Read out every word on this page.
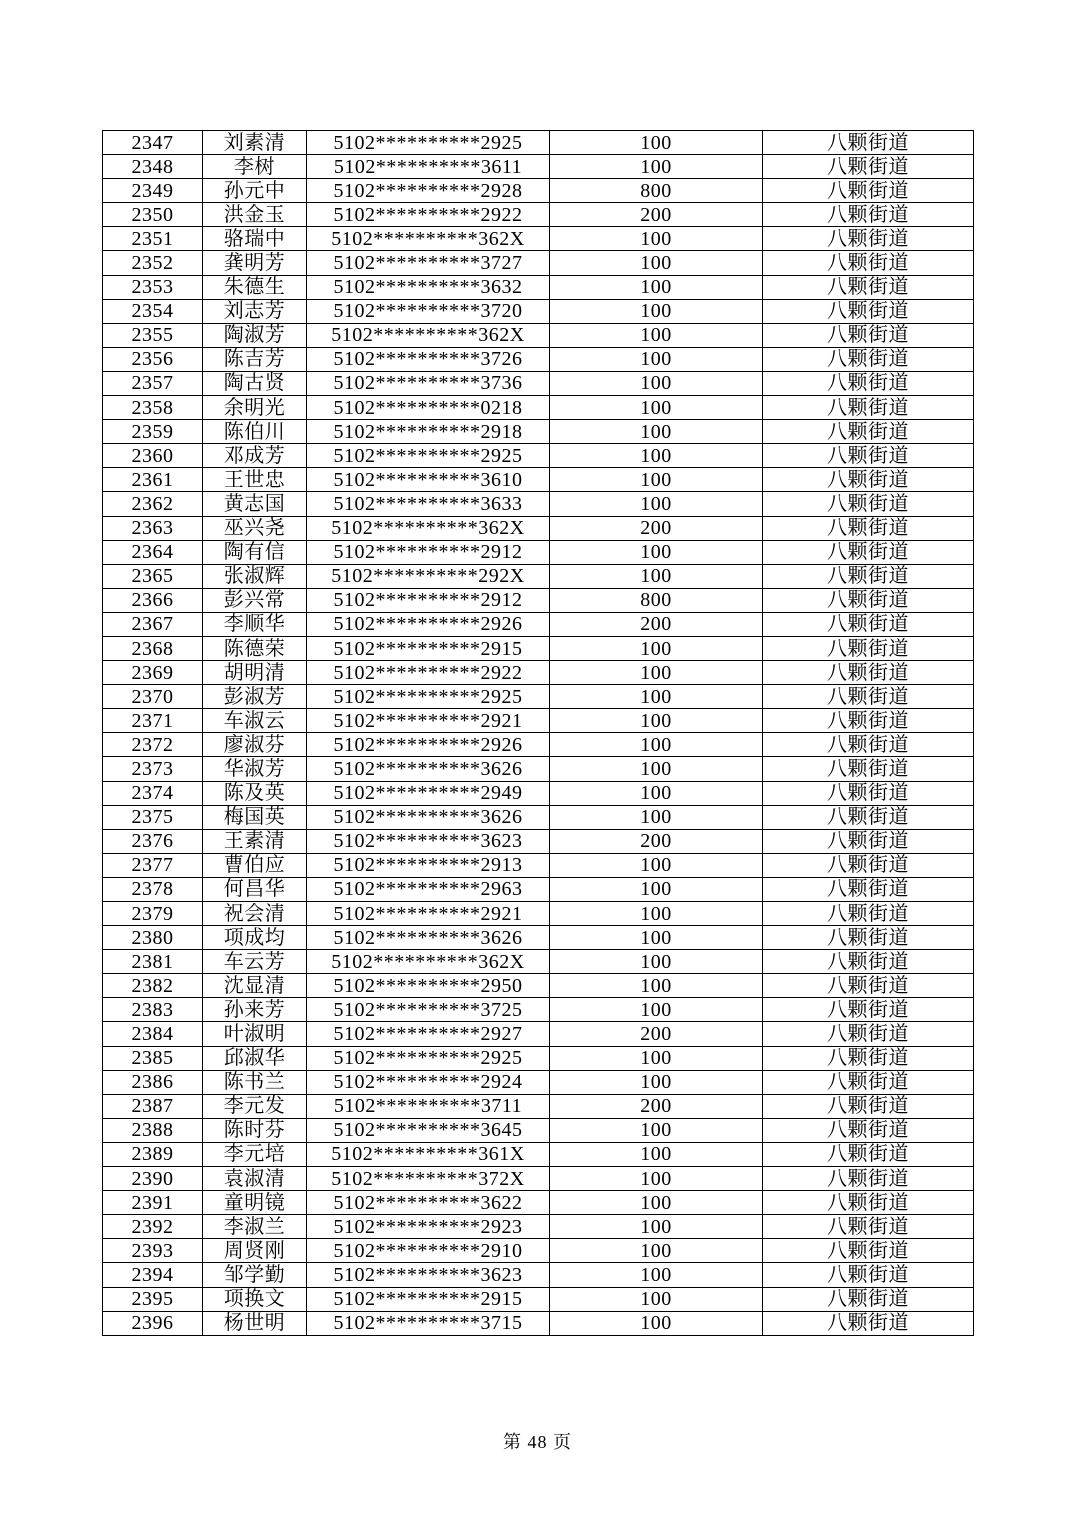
2347	刘素清	5102**********2925	100	八颗街道
2348	李树	5102**********3611	100	八颗街道
2349	孙元中	5102**********2928	800	八颗街道
2350	洪金玉	5102**********2922	200	八颗街道
2351	骆瑞中	5102**********362X	100	八颗街道
2352	龚明芳	5102**********3727	100	八颗街道
2353	朱德生	5102**********3632	100	八颗街道
2354	刘志芳	5102**********3720	100	八颗街道
2355	陶淑芳	5102**********362X	100	八颗街道
2356	陈吉芳	5102**********3726	100	八颗街道
2357	陶古贤	5102**********3736	100	八颗街道
2358	余明光	5102**********0218	100	八颗街道
2359	陈伯川	5102**********2918	100	八颗街道
2360	邓成芳	5102**********2925	100	八颗街道
2361	王世忠	5102**********3610	100	八颗街道
2362	黄志国	5102**********3633	100	八颗街道
2363	巫兴尧	5102**********362X	200	八颗街道
2364	陶有信	5102**********2912	100	八颗街道
2365	张淑辉	5102**********292X	100	八颗街道
2366	彭兴常	5102**********2912	800	八颗街道
2367	李顺华	5102**********2926	200	八颗街道
2368	陈德荣	5102**********2915	100	八颗街道
2369	胡明清	5102**********2922	100	八颗街道
2370	彭淑芳	5102**********2925	100	八颗街道
2371	车淑云	5102**********2921	100	八颗街道
2372	廖淑芬	5102**********2926	100	八颗街道
2373	华淑芳	5102**********3626	100	八颗街道
2374	陈及英	5102**********2949	100	八颗街道
2375	梅国英	5102**********3626	100	八颗街道
2376	王素清	5102**********3623	200	八颗街道
2377	曹伯应	5102**********2913	100	八颗街道
2378	何昌华	5102**********2963	100	八颗街道
2379	祝会清	5102**********2921	100	八颗街道
2380	项成均	5102**********3626	100	八颗街道
2381	车云芳	5102**********362X	100	八颗街道
2382	沈显清	5102**********2950	100	八颗街道
2383	孙来芳	5102**********3725	100	八颗街道
2384	叶淑明	5102**********2927	200	八颗街道
2385	邱淑华	5102**********2925	100	八颗街道
2386	陈书兰	5102**********2924	100	八颗街道
2387	李元发	5102**********3711	200	八颗街道
2388	陈时芬	5102**********3645	100	八颗街道
2389	李元培	5102**********361X	100	八颗街道
2390	袁淑清	5102**********372X	100	八颗街道
2391	童明镜	5102**********3622	100	八颗街道
2392	李淑兰	5102**********2923	100	八颗街道
2393	周贤刚	5102**********2910	100	八颗街道
2394	邹学勤	5102**********3623	100	八颗街道
2395	项换文	5102**********2915	100	八颗街道
2396	杨世明	5102**********3715	100	八颗街道
第 48 页
